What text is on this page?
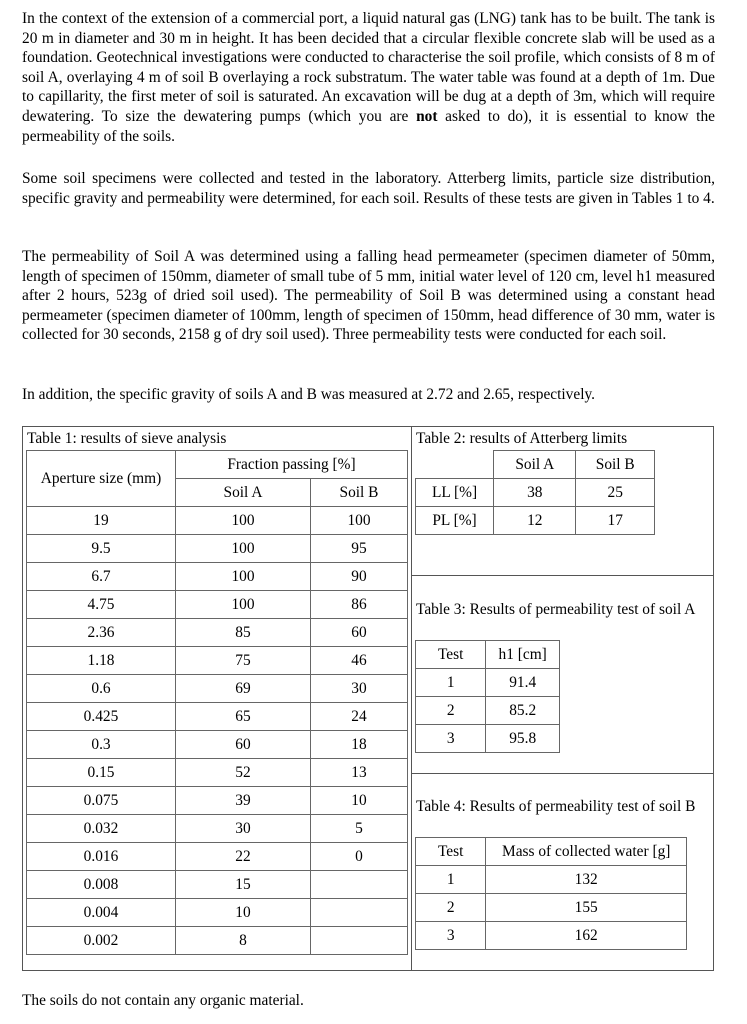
In the context of the extension of a commercial port, a liquid natural gas (LNG) tank has to be built. The tank is 20 m in diameter and 30 m in height. It has been decided that a circular flexible concrete slab will be used as a foundation. Geotechnical investigations were conducted to characterise the soil profile, which consists of 8 m of soil A, overlaying 4 m of soil B overlaying a rock substratum. The water table was found at a depth of 1m. Due to capillarity, the first meter of soil is saturated. An excavation will be dug at a depth of 3m, which will require dewatering. To size the dewatering pumps (which you are not asked to do), it is essential to know the permeability of the soils.

Some soil specimens were collected and tested in the laboratory. Atterberg limits, particle size distribution, specific gravity and permeability were determined, for each soil. Results of these tests are given in Tables 1 to 4.

The permeability of Soil A was determined using a falling head permeameter (specimen diameter of 50mm, length of specimen of 150mm, diameter of small tube of 5 mm, initial water level of 120 cm, level h1 measured after 2 hours, 523g of dried soil used). The permeability of Soil B was determined using a constant head permeameter (specimen diameter of 100mm, length of specimen of 150mm, head difference of 30 mm, water is collected for 30 seconds, 2158 g of dry soil used). Three permeability tests were conducted for each soil.

In addition, the specific gravity of soils A and B was measured at 2.72 and 2.65, respectively.

Table 1: results of sieve analysis

Aperture size (mm)	Fraction passing [%]	
	Soil A	Soil B
19	100	100
9.5	100	95
6.7	100	90
4.75	100	86
2.36	85	60
1.18	75	46
0.6	69	30
0.425	65	24
0.3	60	18
0.15	52	13
0.075	39	10
0.032	30	5
0.016	22	0
0.008	15	
0.004	10	
0.002	8	

Table 2: results of Atterberg limits

	Soil A	Soil B
LL [%]	38	25
PL [%]	12	17

Table 3: Results of permeability test of soil A

Test	h1 [cm]
1	91.4
2	85.2
3	95.8

Table 4: Results of permeability test of soil B

Test	Mass of collected water [g]
1	132
2	155
3	162

The soils do not contain any organic material.
